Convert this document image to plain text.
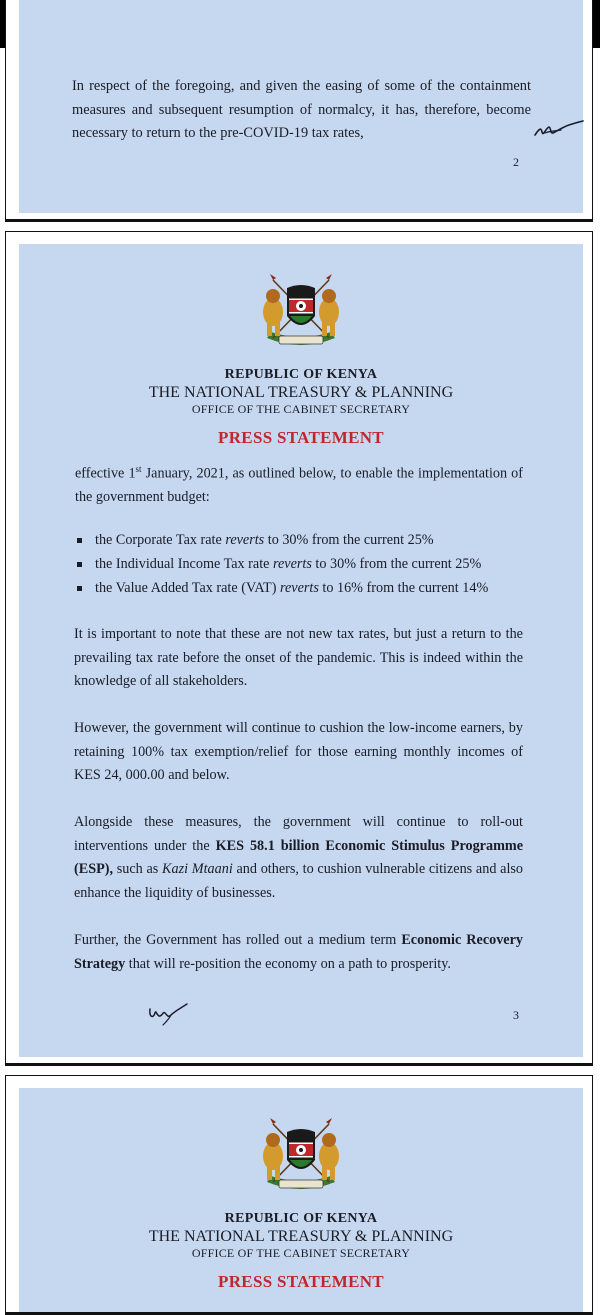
In respect of the foregoing, and given the easing of some of the containment measures and subsequent resumption of normalcy, it has, therefore, become necessary to return to the pre-COVID-19 tax rates,

2

REPUBLIC OF KENYA

THE NATIONAL TREASURY & PLANNING

OFFICE OF THE CABINET SECRETARY

PRESS STATEMENT

effective 1st January, 2021, as outlined below, to enable the implementation of the government budget:

the Corporate Tax rate reverts to 30% from the current 25%
the Individual Income Tax rate reverts to 30% from the current 25%
the Value Added Tax rate (VAT) reverts to 16% from the current 14%

It is important to note that these are not new tax rates, but just a return to the prevailing tax rate before the onset of the pandemic. This is indeed within the knowledge of all stakeholders.

However, the government will continue to cushion the low-income earners, by retaining 100% tax exemption/relief for those earning monthly incomes of KES 24, 000.00 and below.

Alongside these measures, the government will continue to roll-out interventions under the KES 58.1 billion Economic Stimulus Programme (ESP), such as Kazi Mtaani and others, to cushion vulnerable citizens and also enhance the liquidity of businesses.

Further, the Government has rolled out a medium term Economic Recovery Strategy that will re-position the economy on a path to prosperity.

3

REPUBLIC OF KENYA

THE NATIONAL TREASURY & PLANNING

OFFICE OF THE CABINET SECRETARY

PRESS STATEMENT
